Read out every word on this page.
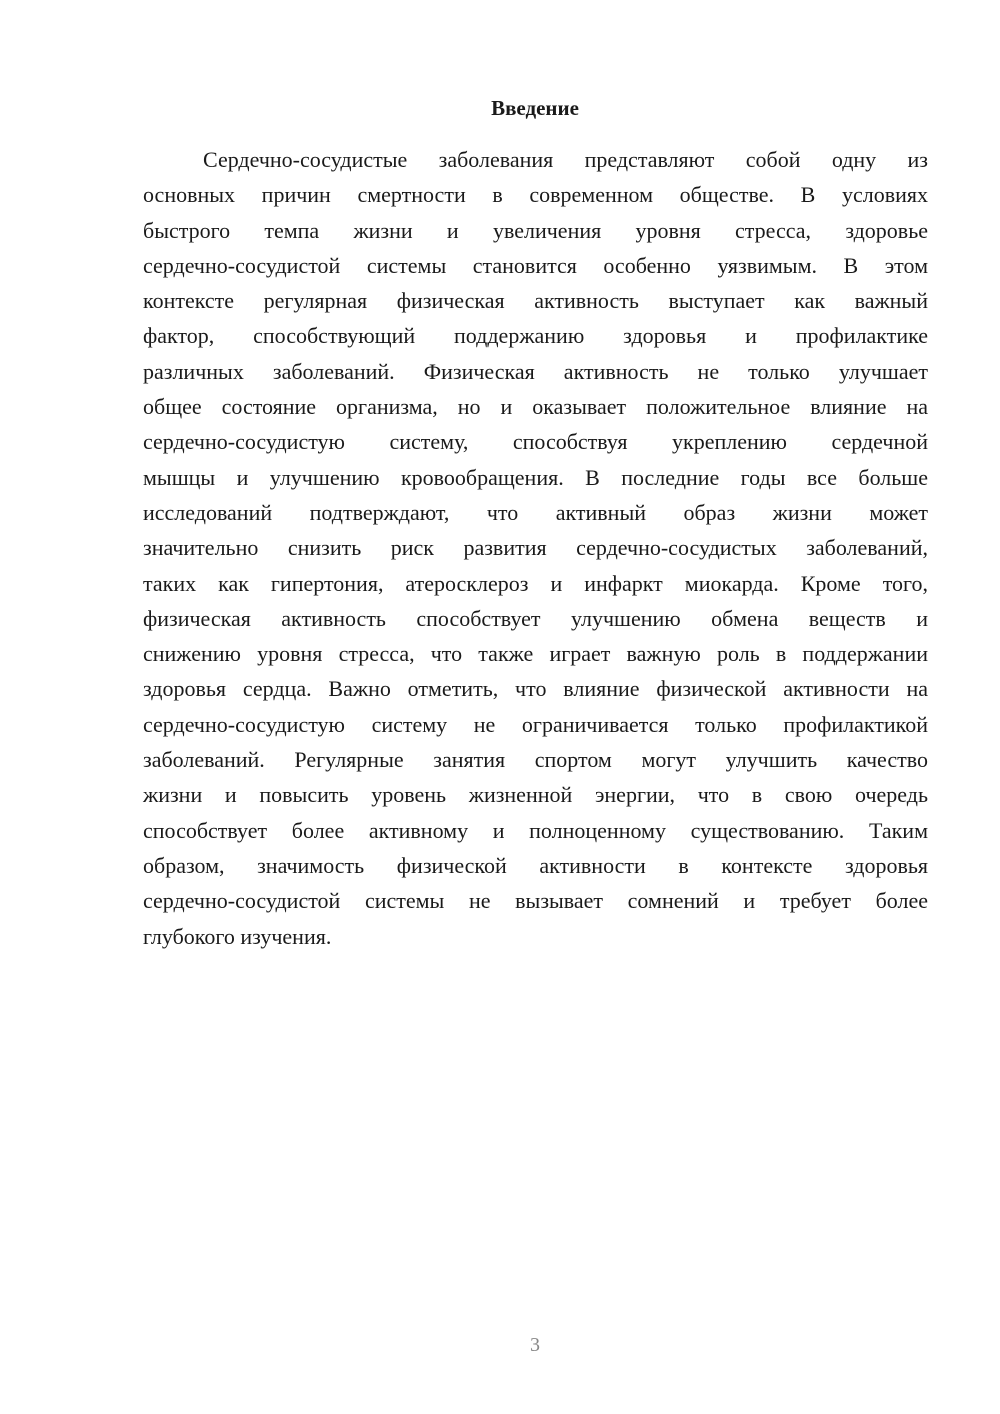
Введение
Сердечно-сосудистые заболевания представляют собой одну из
основных причин смертности в современном обществе. В условиях
быстрого темпа жизни и увеличения уровня стресса, здоровье
сердечно-сосудистой системы становится особенно уязвимым. В этом
контексте регулярная физическая активность выступает как важный
фактор, способствующий поддержанию здоровья и профилактике
различных заболеваний. Физическая активность не только улучшает
общее состояние организма, но и оказывает положительное влияние на
сердечно-сосудистую систему, способствуя укреплению сердечной
мышцы и улучшению кровообращения. В последние годы все больше
исследований подтверждают, что активный образ жизни может
значительно снизить риск развития сердечно-сосудистых заболеваний,
таких как гипертония, атеросклероз и инфаркт миокарда. Кроме того,
физическая активность способствует улучшению обмена веществ и
снижению уровня стресса, что также играет важную роль в поддержании
здоровья сердца. Важно отметить, что влияние физической активности на
сердечно-сосудистую систему не ограничивается только профилактикой
заболеваний. Регулярные занятия спортом могут улучшить качество
жизни и повысить уровень жизненной энергии, что в свою очередь
способствует более активному и полноценному существованию. Таким
образом, значимость физической активности в контексте здоровья
сердечно-сосудистой системы не вызывает сомнений и требует более
глубокого изучения.
3
